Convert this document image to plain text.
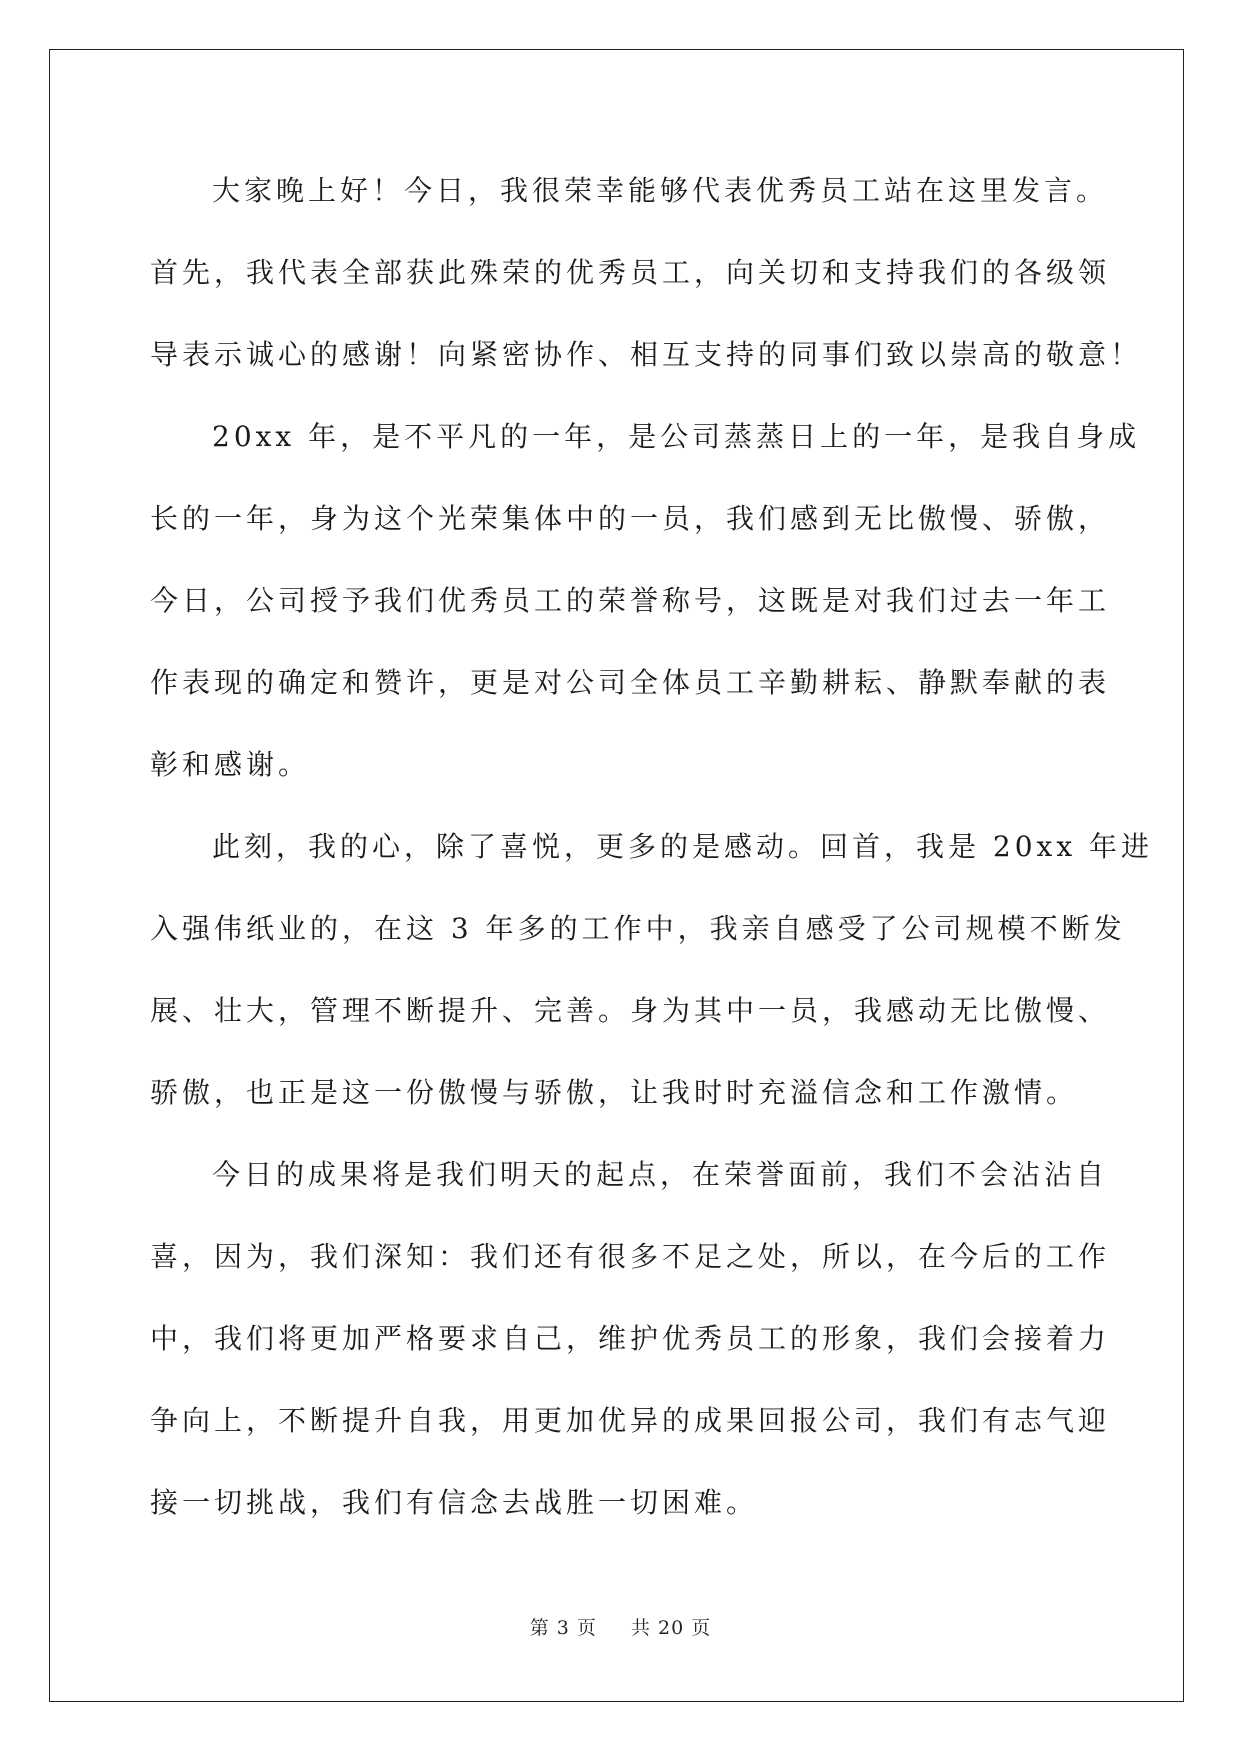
大家晚上好！今日，我很荣幸能够代表优秀员工站在这里发言。
首先，我代表全部获此殊荣的优秀员工，向关切和支持我们的各级领
导表示诚心的感谢！向紧密协作、相互支持的同事们致以崇高的敬意！

20xx 年，是不平凡的一年，是公司蒸蒸日上的一年，是我自身成
长的一年，身为这个光荣集体中的一员，我们感到无比傲慢、骄傲，
今日，公司授予我们优秀员工的荣誉称号，这既是对我们过去一年工
作表现的确定和赞许，更是对公司全体员工辛勤耕耘、静默奉献的表
彰和感谢。

此刻，我的心，除了喜悦，更多的是感动。回首，我是 20xx 年进
入强伟纸业的，在这 3 年多的工作中，我亲自感受了公司规模不断发
展、壮大，管理不断提升、完善。身为其中一员，我感动无比傲慢、
骄傲，也正是这一份傲慢与骄傲，让我时时充溢信念和工作激情。

今日的成果将是我们明天的起点，在荣誉面前，我们不会沾沾自
喜，因为，我们深知：我们还有很多不足之处，所以，在今后的工作
中，我们将更加严格要求自己，维护优秀员工的形象，我们会接着力
争向上，不断提升自我，用更加优异的成果回报公司，我们有志气迎
接一切挑战，我们有信念去战胜一切困难。

第 3 页 共 20 页
